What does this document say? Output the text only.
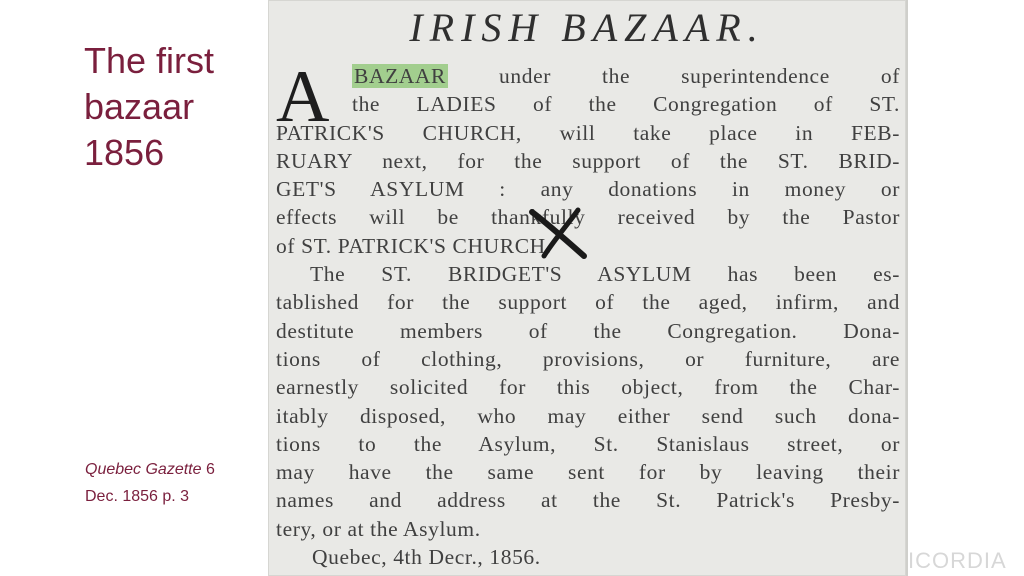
The first bazaar 1856
Quebec Gazette 6
Dec. 1856 p. 3
IRISH BAZAAR.
A	BAZAAR under the superintendence of
the LADIES of the Congregation of ST.
PATRICK'S CHURCH, will take place in FEB-
RUARY next, for the support of the ST. BRID-
GET'S ASYLUM : any donations in money or
effects will be thankfully received by the Pastor
of ST. PATRICK'S CHURCH.
The ST. BRIDGET'S ASYLUM has been es-
tablished for the support of the aged, infirm, and
destitute members of the Congregation. Dona-
tions of clothing, provisions, or furniture, are
earnestly solicited for this object, from the Char-
itably disposed, who may either send such dona-
tions to the Asylum, St. Stanislaus street, or
may have the same sent for by leaving their
names and address at the St. Patrick's Presby-
tery, or at the Asylum.
Quebec, 4th Decr., 1856.	ICORDIA
